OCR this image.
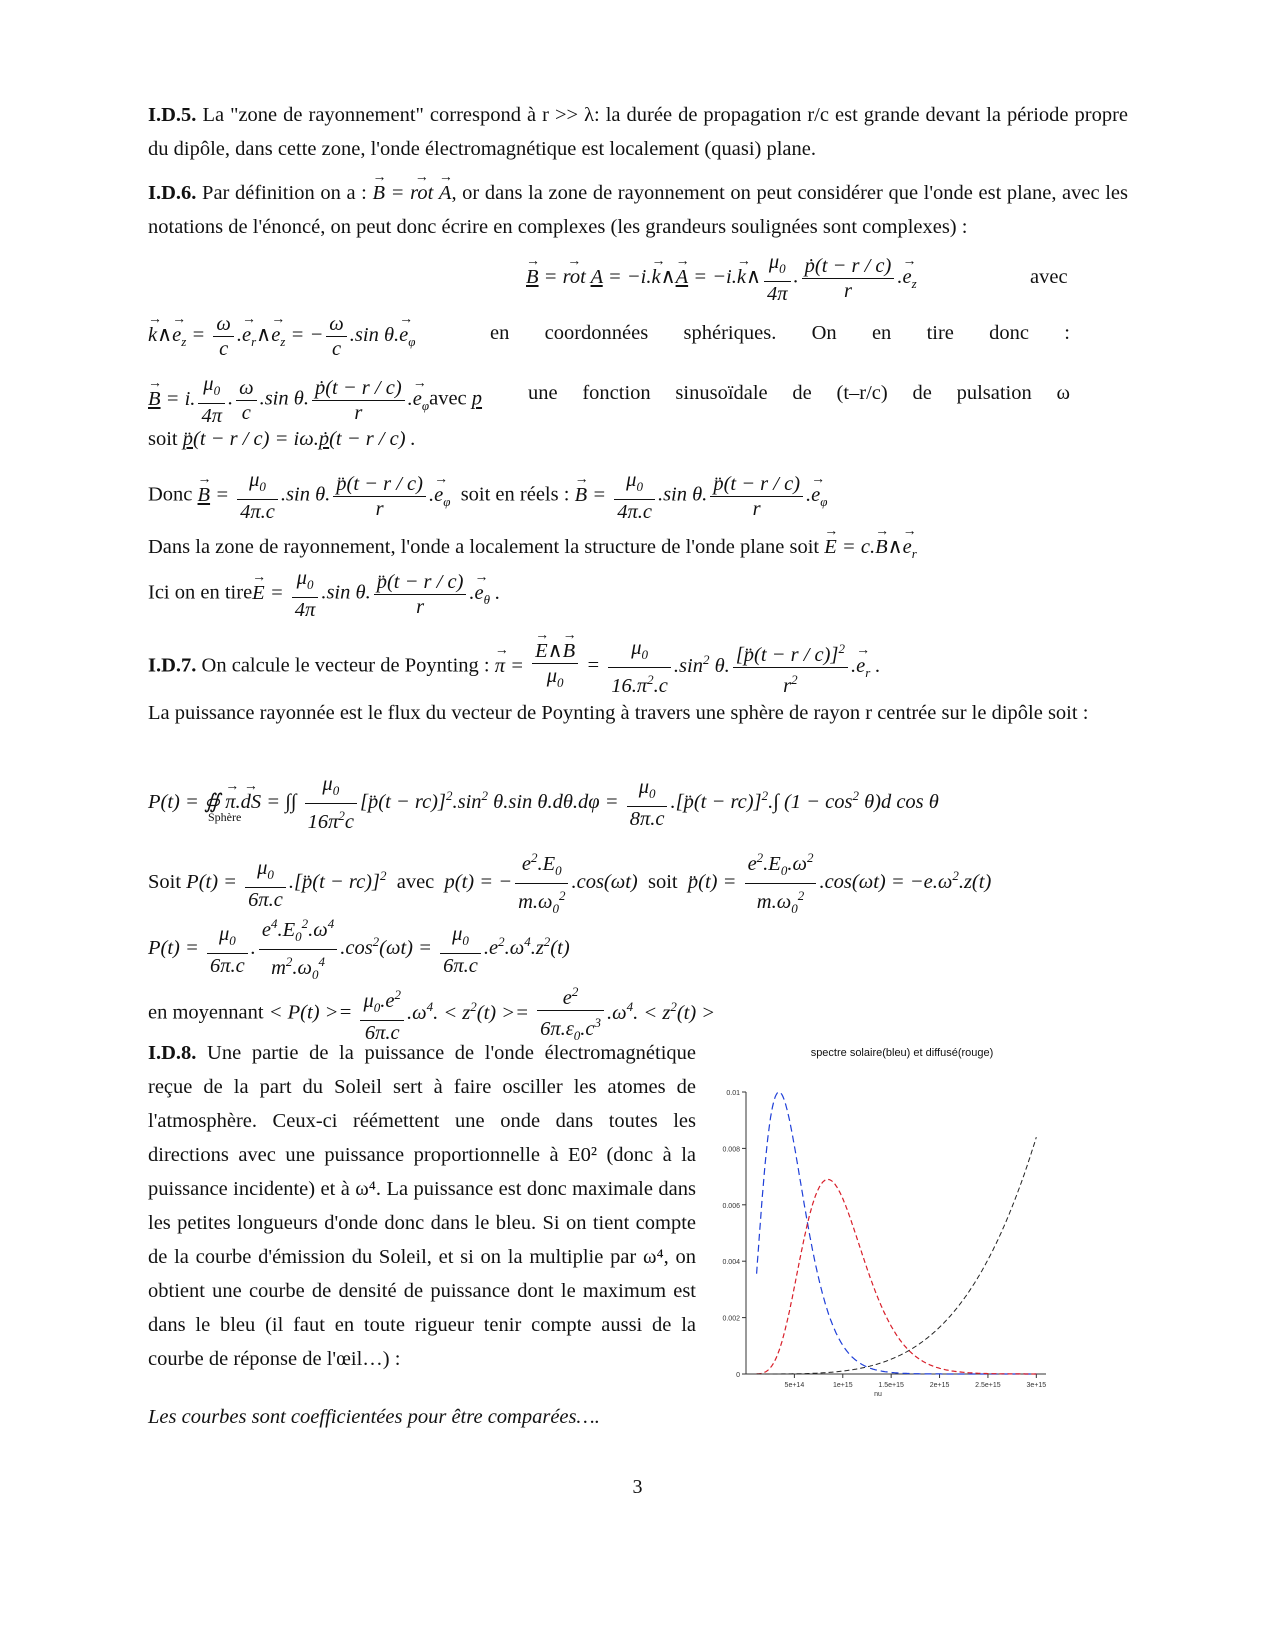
I.D.5. La "zone de rayonnement" correspond à r >> λ: la durée de propagation r/c est grande devant la période propre du dipôle, dans cette zone, l'onde électromagnétique est localement (quasi) plane.
I.D.6. Par définition on a : → B = → rot → A, or dans la zone de rayonnement on peut considérer que l'onde est plane, avec les notations de l'énoncé, on peut donc écrire en complexes (les grandeurs soulignées sont complexes) :
→ B = → rot A = −i.→ k∧→ A = −i.→ k∧ $\frac{\mu_0}{4\pi}$ . $\frac{\text{ṗ(t − r / c)}}{r}$ .→ $e_z$	avec
→ k∧→ $e_z = \frac{\omega}{c}$ .→ $e_r\wedge\to e_z$ = − $\frac{\omega}{c} .\sin$ $\theta.\to e_\varphi$	en coordonnées sphériques. On en tire donc :
→ B = i. $\frac{\mu_0}{4\pi}$ . $\frac{\omega}{c} .\sin$ θ. $\frac{\text{ṗ(t − r / c)}}{r}$ .→ $e_\varphi avec$ p une fonction sinusoïdale de (t–r/c) de pulsation ω
soit p̈(t − r / c) = iω.ṗ(t − r / c) .
Donc → $B = \frac{\mu_0}{4\pi.c} .\sin$ θ. $\frac{p̈(t - r / c)}{r}$ .→ $e_\varphi$ soit en réels : → $B = \frac{\mu_0}{4\pi.c} .\sin$ θ. $\frac{p̈(t - r / c)}{r}$ .→ $e_\varphi$
Dans la zone de rayonnement, l'onde a localement la structure de l'onde plane soit → E = c.→ B∧→ $e_r$
Ici on en tire→ $E = \frac{\mu_0}{4\pi} .\sin$ θ. $\frac{p̈(t - r / c)}{r}$ .→ $e_\theta$ .
I.D.7. On calcule le vecteur de Poynting : → π = → $\frac{E\wedge\to B}{\mu_0} = \frac{\mu_0}{16.\pi^2.c} .\sin^2$ θ. $\frac{[p̈(t - r / c)]^2}{r^2}$ .→ $e_r$ .
La puissance rayonnée est le flux du vecteur de Poynting à travers une sphère de rayon r centrée sur le dipôle soit :
P(t) = ∯ → π.→ dS = ∫∫ $\frac{\mu_0}{16\pi^2c}$ [p̈(t − $rc)]^2.\sin^2$ θ.sin $\theta.d\theta.d\varphi = \frac{\mu_0}{8\pi.c}$ .[p̈(t − rc)]$^2$.∫ $(1 - \cos^2 \theta)d$ cos θ
Sphère
Soit $P(t) = \frac{\mu_0}{6\pi.c}$ .[p̈(t − rc)]$^2$ avec p(t) = − $\frac{e^2.E_0}{m.\omega_0^2} .\cos(\omega t)$ soit p̈(t) = $\frac{e^2.E_0.\omega^2}{m.\omega_0^2} .\cos(\omega t) = -e.\omega^2.z(t)$
$P(t) = \frac{\mu_0}{6\pi.c}$ . $\frac{e^4.E_0^2.\omega^4}{m^2.\omega_0^4} .\cos^2(\omega t) = \frac{\mu_0}{6\pi.c} .e^2.\omega^4.z^2(t)$
en moyennant < $P(t) >= \frac{\mu_0.e^2}{6\pi.c} .\omega^4$. < $z^2(t) >= \frac{e^2}{6\pi.\varepsilon_0.c^3} .\omega^4$. < $z^2(t)$ >
I.D.8. Une partie de la puissance de l'onde électromagnétique reçue de la part du Soleil sert à faire osciller les atomes de l'atmosphère. Ceux-ci réémettent une onde dans toutes les directions avec une puissance proportionnelle à E0² (donc à la puissance incidente) et à ω⁴. La puissance est donc maximale dans les petites longueurs d'onde donc dans le bleu. Si on tient compte de la courbe d'émission du Soleil, et si on la multiplie par ω⁴, on obtient une courbe de densité de puissance dont le maximum est dans le bleu (il faut en toute rigueur tenir compte aussi de la courbe de réponse de l'œil…) :
Les courbes sont coefficientées pour être comparées….
spectre solaire(bleu) et diffusé(rouge)
0
0.002
0.004
0.006
0.008
0.01
5e+14	1e+15	1.5e+15	2e+15	2.5e+15	3e+15
nu
3
